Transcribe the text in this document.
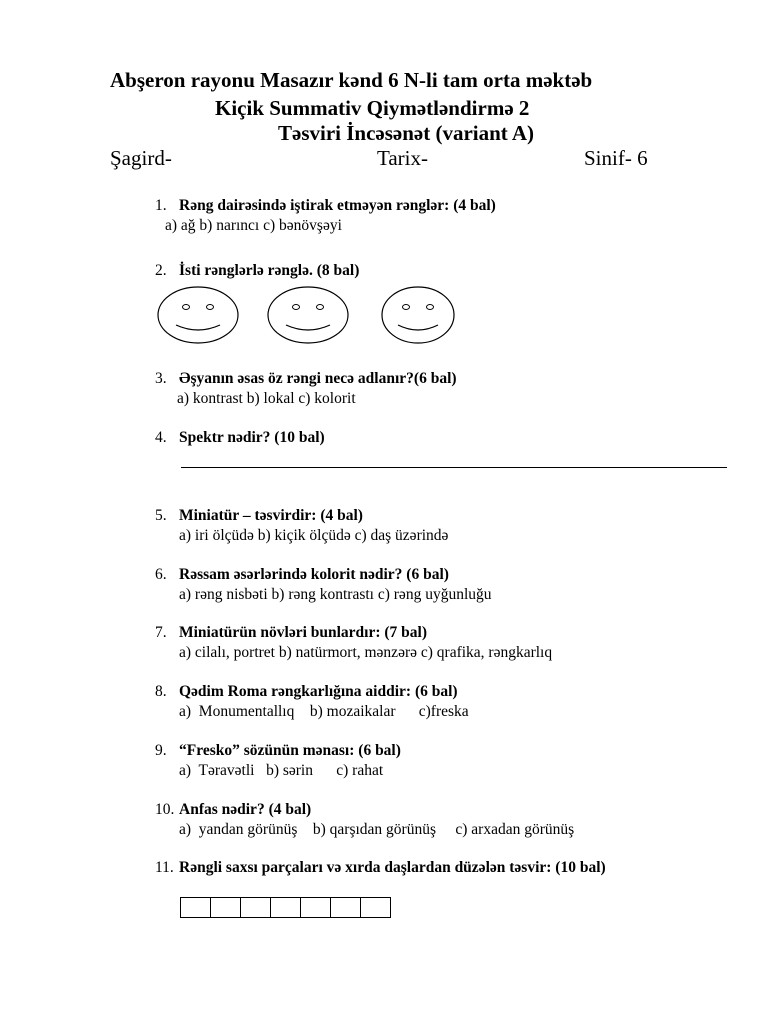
Abşeron rayonu Masazır kənd 6 N-li tam orta məktəb
Kiçik Summativ Qiymətləndirmə 2
Təsviri İncəsənət (variant A)
Şagird-	Tarix-	Sinif- 6
1. Rəng dairəsində iştirak etməyən rənglər: (4 bal)
a) ağ b) narıncı c) bənövşəyi
2. İsti rənglərlə rənglə. (8 bal)
3. Əşyanın əsas öz rəngi necə adlanır?(6 bal)
a) kontrast b) lokal c) kolorit
4. Spektr nədir? (10 bal)
5. Miniatür – təsvirdir: (4 bal)
a) iri ölçüdə b) kiçik ölçüdə c) daş üzərində
6. Rəssam əsərlərində kolorit nədir? (6 bal)
a) rəng nisbəti b) rəng kontrastı c) rəng uyğunluğu
7. Miniatürün növləri bunlardır: (7 bal)
a) cilalı, portret b) natürmort, mənzərə c) qrafika, rəngkarlıq
8. Qədim Roma rəngkarlığına aiddir: (6 bal)
a)  Monumentallıq    b) mozaikalar      c)freska
9. “Fresko” sözünün mənası: (6 bal)
a)  Təravətli   b) sərin      c) rahat
10. Anfas nədir? (4 bal)
a)  yandan görünüş    b) qarşıdan görünüş     c) arxadan görünüş
11. Rəngli saxsı parçaları və xırda daşlardan düzələn təsvir: (10 bal)
